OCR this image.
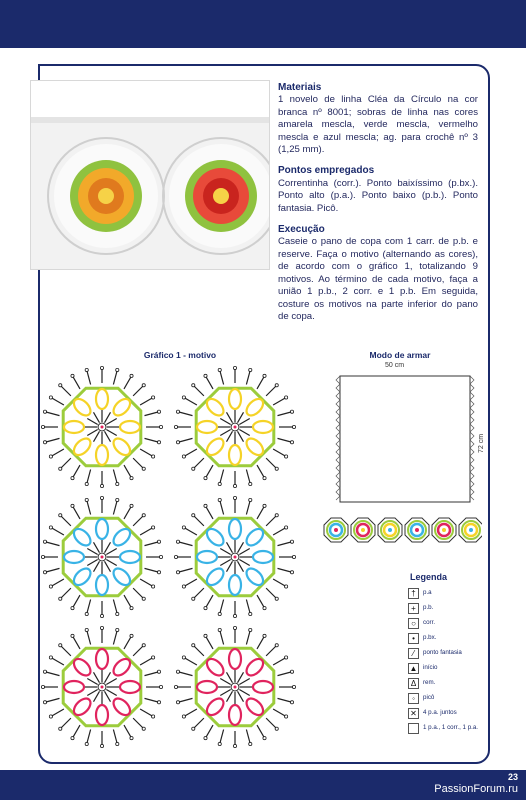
Materiais

1 novelo de linha Cléa da Círculo na cor branca nº 8001; sobras de linha nas cores amarela mescla, verde mescla, vermelho mescla e azul mescla; ag. para crochê nº 3 (1,25 mm).

Pontos empregados

Correntinha (corr.). Ponto baixíssimo (p.bx.). Ponto alto (p.a.). Ponto baixo (p.b.). Ponto fantasia. Picô.

Execução

Caseie o pano de copa com 1 carr. de p.b. e reserve. Faça o motivo (alternando as cores), de acordo com o gráfico 1, totalizando 9 motivos. Ao término de cada motivo, faça a união 1 p.b., 2 corr. e 1 p.b. Em seguida, costure os motivos na parte inferior do pano de copa.

Gráfico 1 - motivo	Modo de armar
50 cm
72 cm
Legenda
†	p.a
+	p.b.
○	corr.
•	p.bx.
⁄	ponto fantasia
▲ início
Δ	rem.
◦	picô
✕ 4 p.a. juntos
1 p.a., 1 corr., 1 p.a.
23
PassionForum.ru
